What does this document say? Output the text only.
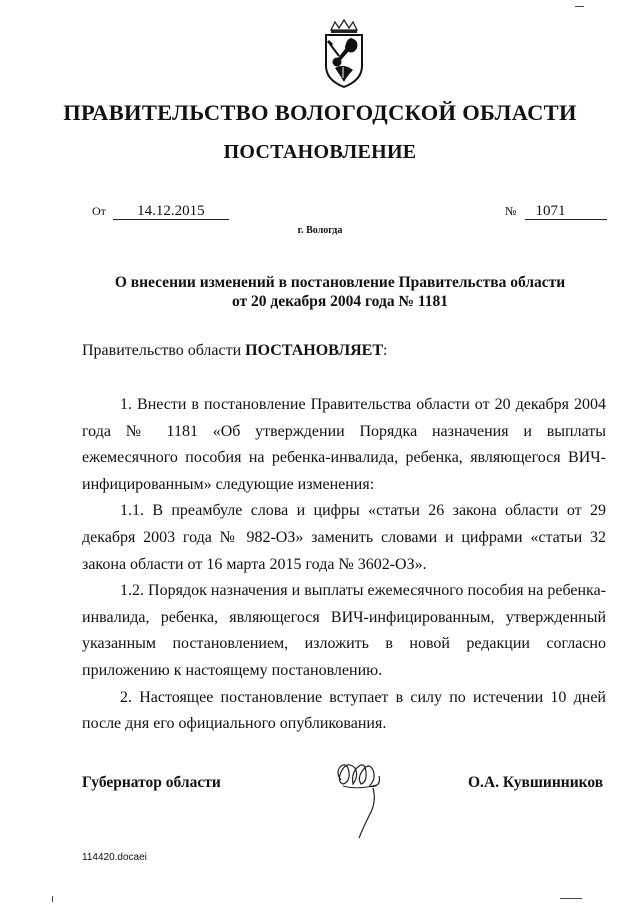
ПРАВИТЕЛЬСТВО ВОЛОГОДСКОЙ ОБЛАСТИ
ПОСТАНОВЛЕНИЕ
От 14.12.2015	№ 1071
г. Вологда
О внесении изменений в постановление Правительства области
от 20 декабря 2004 года № 1181
Правительство области ПОСТАНОВЛЯЕТ:

1. Внести в постановление Правительства области от 20 декабря 2004 года № 1181 «Об утверждении Порядка назначения и выплаты ежемесячного пособия на ребенка-инвалида, ребенка, являющегося ВИЧ-инфицированным» следующие изменения:

1.1. В преамбуле слова и цифры «статьи 26 закона области от 29 декабря 2003 года № 982-ОЗ» заменить словами и цифрами «статьи 32 закона области от 16 марта 2015 года № 3602-ОЗ».

1.2. Порядок назначения и выплаты ежемесячного пособия на ребенка-инвалида, ребенка, являющегося ВИЧ-инфицированным, утвержденный указанным постановлением, изложить в новой редакции согласно приложению к настоящему постановлению.

2. Настоящее постановление вступает в силу по истечении 10 дней после дня его официального опубликования.

Губернатор области	О.А. Кувшинников
114420.docaei
